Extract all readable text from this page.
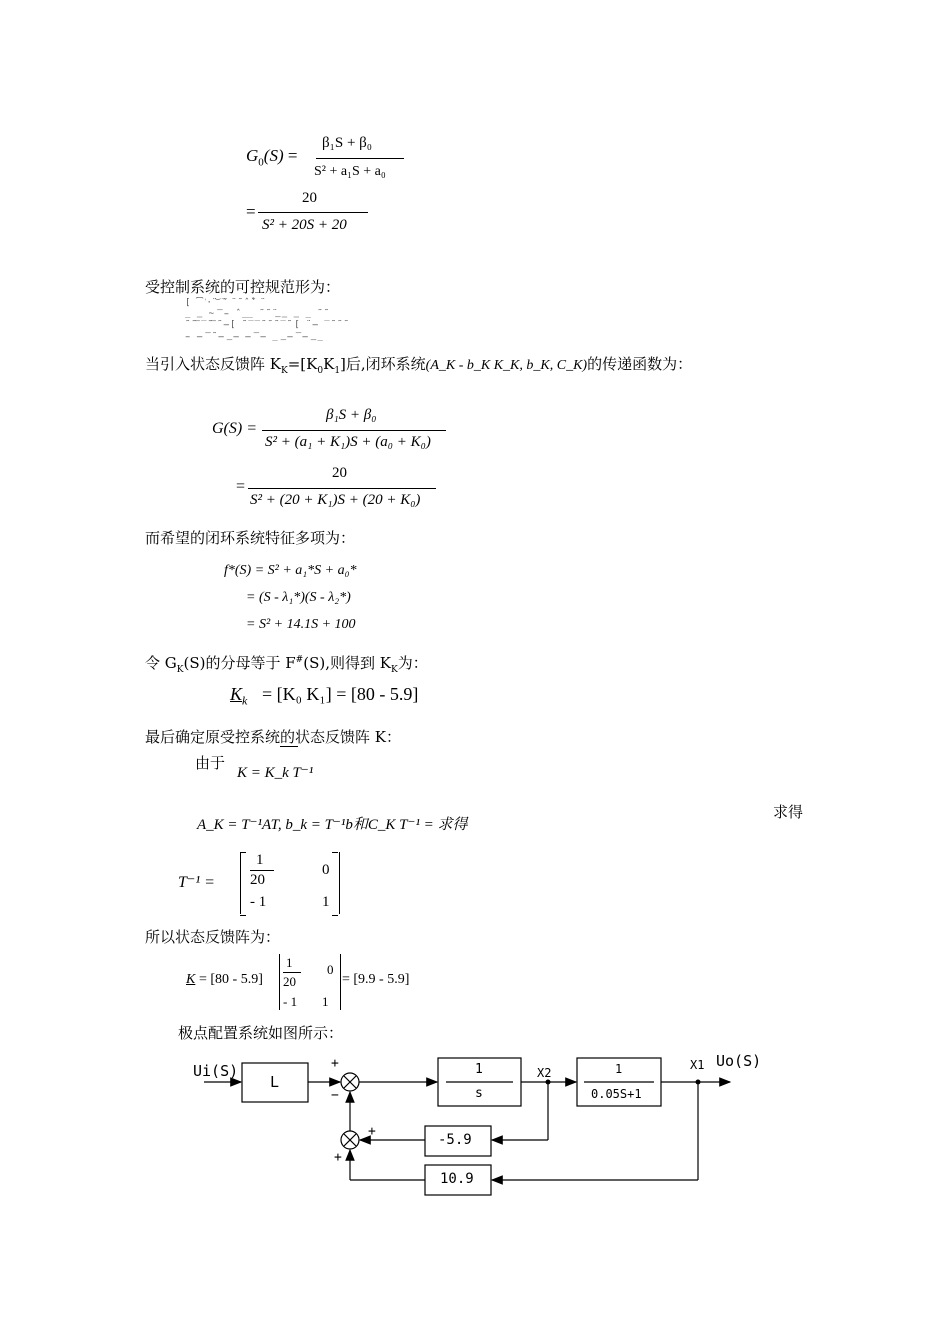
$G_0(S)$ =
β₁S + β₀
S² + a₁S + a₀
=
20
S² + 20S + 20
受控制系统的可控规范形为：
[ ͡ ͗·̈ ͝ ̅ ͂ ̈ ̃ ̂ ̀ ͋ ̈
̲ ̳ ̴ ͞ ̵ ̂ ̲̲ ̃ ̃ ̈ ͟ ̳ ̳ ̲ ̃ ̃
̃ ̃ ͞ ̅ ̃ ͞ ̃ ̶[ ̃ ̅ ̅ ̃ ̃ ̃ ̅ ̃ [ ̈ ̶ ̅ ̃ ̃ ̃
̵ ̶ ͞ ̃ ̶ ͟ ̶ ̶ ͞ ̶ ̲ ͟ ̶ ͞ ̶ ͟ ̲
当引入状态反馈阵 $K_K=[K_0K_1]$后,闭环系统(A_K - b_K K_K, b_K, C_K)的传递函数为：
G(S) =
β₁S + β₀
S² + (a₁ + K₁)S + (a₀ + K₀)
=
20
S² + (20 + K₁)S + (20 + K₀)
而希望的闭环系统特征多项为：
f*(S) = S² + a₁*S + a₀*
= (S - λ₁*)(S - λ₂*)
= S² + 14.1S + 100
令 $G_K(S)$的分母等于 F#(S),则得到 $K_K$为：
$K_k = [K_0$ K₁] = [80 - 5.9]
最后确定原受控系统的状态反馈阵 K：
由于
K = K_k T⁻¹
A_K = T⁻¹AT, b_k = T⁻¹b和C_K T⁻¹ = 求得
求得
T⁻¹ =
1
20
0
- 1	1
所以状态反馈阵为：
K = [80 - 5.9]
1
20
0
- 1 1
= [9.9 - 5.9]
极点配置系统如图所示：
Ui(S)
L
+
−
1
s
X2	1
0.05S+1
X1 Uo(S)
-5.9
10.9
+
+
